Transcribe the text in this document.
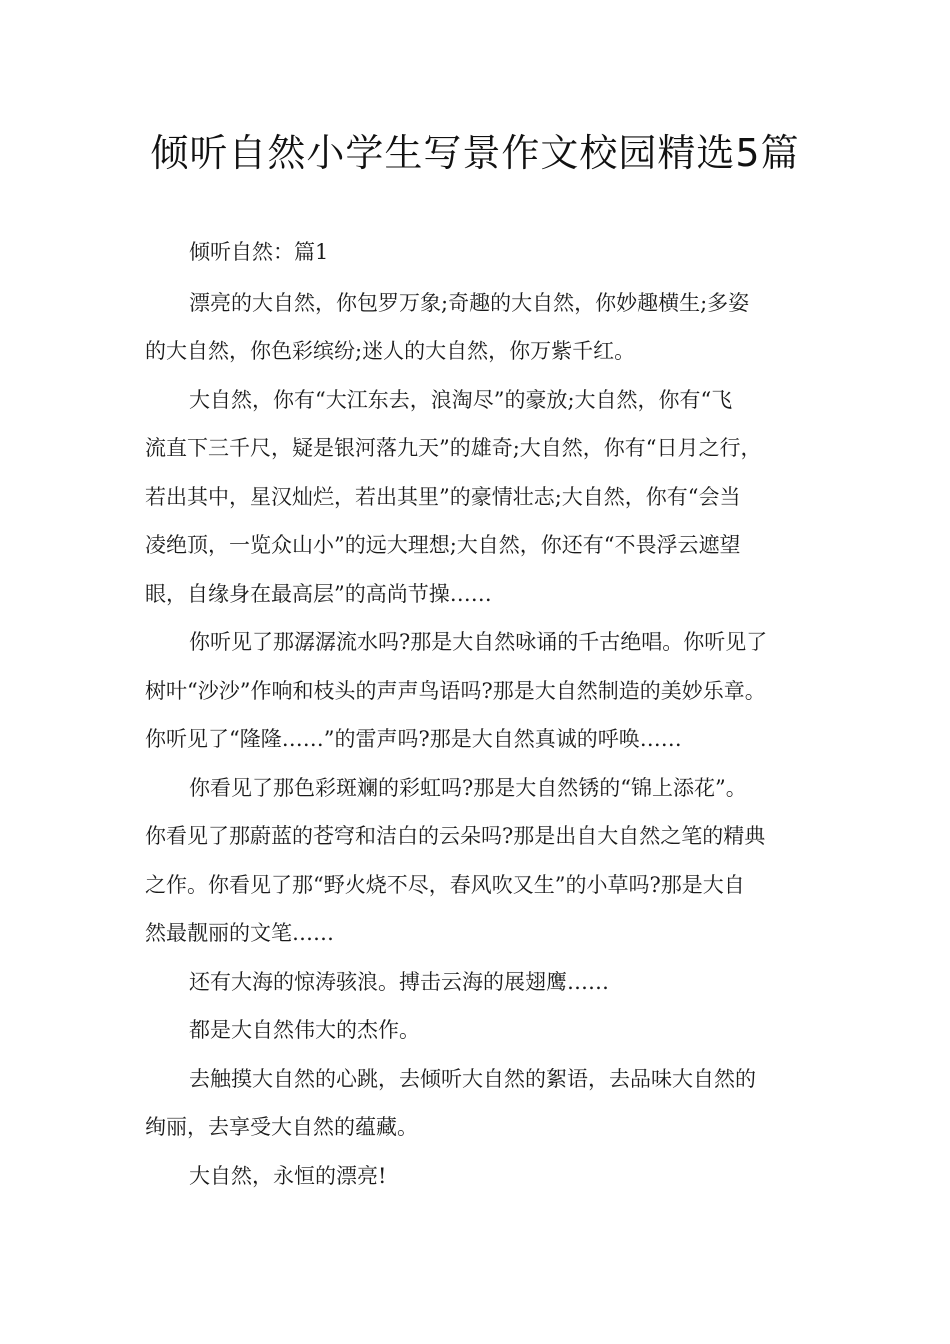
倾听自然小学生写景作文校园精选5篇

倾听自然：篇1

漂亮的大自然，你包罗万象;奇趣的大自然，你妙趣横生;多姿
的大自然，你色彩缤纷;迷人的大自然，你万紫千红。

大自然，你有“大江东去，浪淘尽”的豪放;大自然，你有“飞
流直下三千尺，疑是银河落九天”的雄奇;大自然，你有“日月之行，
若出其中，星汉灿烂，若出其里”的豪情壮志;大自然，你有“会当
凌绝顶，一览众山小”的远大理想;大自然，你还有“不畏浮云遮望
眼，自缘身在最高层”的高尚节操……

你听见了那潺潺流水吗?那是大自然咏诵的千古绝唱。你听见了
树叶“沙沙”作响和枝头的声声鸟语吗?那是大自然制造的美妙乐章。
你听见了“隆隆……”的雷声吗?那是大自然真诚的呼唤……

你看见了那色彩斑斓的彩虹吗?那是大自然锈的“锦上添花”。
你看见了那蔚蓝的苍穹和洁白的云朵吗?那是出自大自然之笔的精典
之作。你看见了那“野火烧不尽，春风吹又生”的小草吗?那是大自
然最靓丽的文笔……

还有大海的惊涛骇浪。搏击云海的展翅鹰……

都是大自然伟大的杰作。

去触摸大自然的心跳，去倾听大自然的絮语，去品味大自然的
绚丽，去享受大自然的蕴藏。

大自然，永恒的漂亮!
